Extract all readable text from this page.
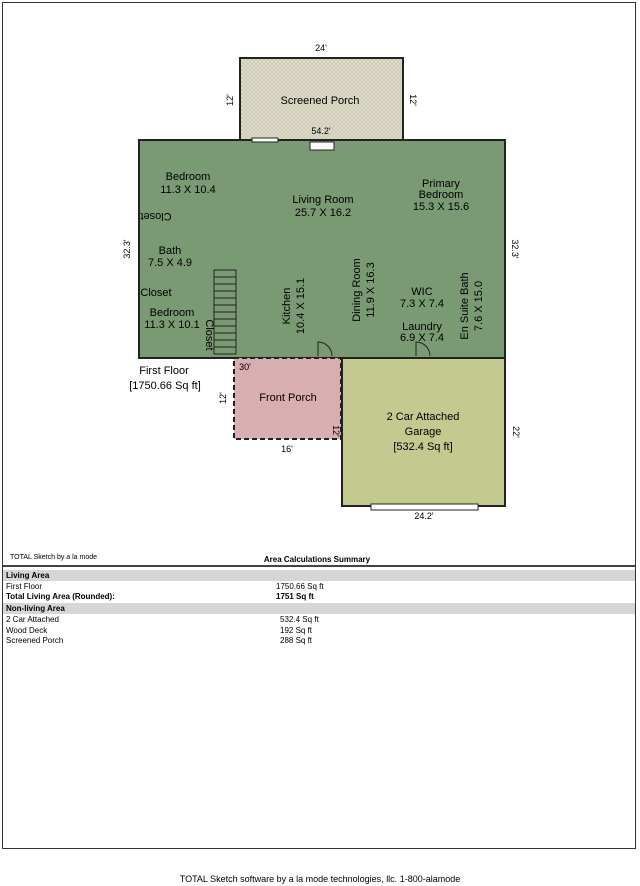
24'
12'	12'
54.2'
32.3'	32.3'
30'
12'
12'
16'
22'
24.2'
Screened Porch
Bedroom
11.3 X 10.4
Living Room
25.7 X 16.2
Primary
Bedroom
15.3 X 15.6
Closet
Bath
7.5 X 4.9
Closet
Bedroom
11.3 X 10.1 Closet
Kitchen 10.4 X 15.1	Dining Room 11.9 X 16.3	WIC
7.3 X 7.4
Laundry
6.9 X 7.4 En Suite Bath 7.6 X 15.0
First Floor
[1750.66 Sq ft]
Front Porch
2 Car Attached
Garage
[532.4 Sq ft]
TOTAL Sketch by a la mode	Area Calculations Summary
Living Area
First Floor	1750.66 Sq ft
Total Living Area (Rounded):	1751 Sq ft
Non-living Area
2 Car Attached	532.4 Sq ft
Wood Deck	192 Sq ft
Screened Porch	288 Sq ft
TOTAL Sketch software by a la mode technologies, llc. 1-800-alamode
